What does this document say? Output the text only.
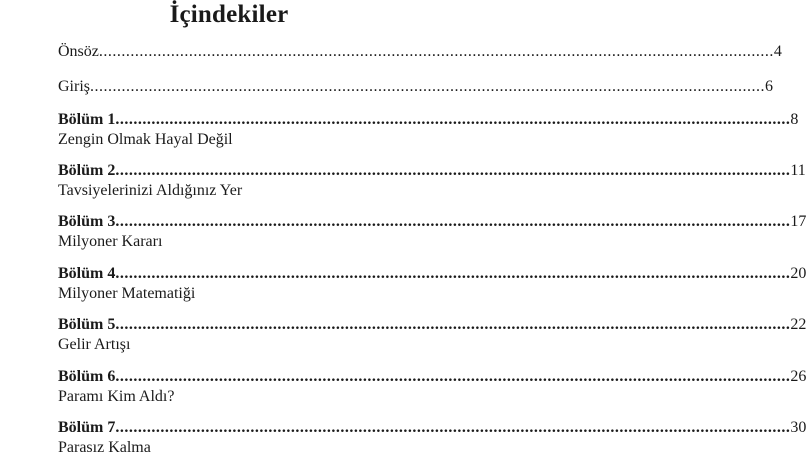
İçindekiler
Önsöz ...................................................................................................................................................... 4
Giriş ...................................................................................................................................................... 6
Bölüm 1 ...................................................................................................................................................... 8
Zengin Olmak Hayal Değil
Bölüm 2 ...................................................................................................................................................... 11
Tavsiyelerinizi Aldığınız Yer
Bölüm 3 ...................................................................................................................................................... 17
Milyoner Kararı
Bölüm 4 ...................................................................................................................................................... 20
Milyoner Matematiği
Bölüm 5 ...................................................................................................................................................... 22
Gelir Artışı
Bölüm 6 ...................................................................................................................................................... 26
Paramı Kim Aldı?
Bölüm 7 ...................................................................................................................................................... 30
Parasız Kalma
